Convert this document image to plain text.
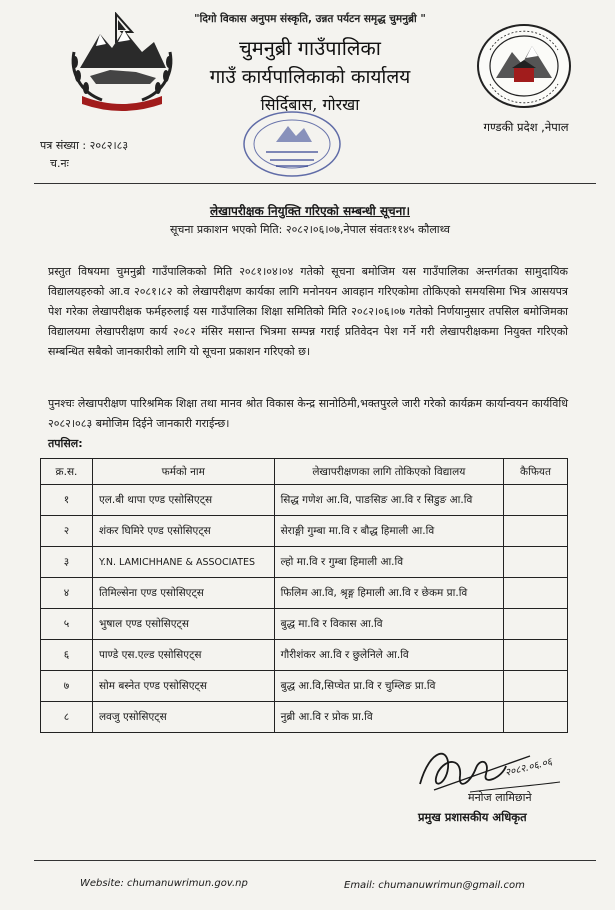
"दिगो विकास अनुपम संस्कृति, उन्नत पर्यटन समृद्ध चुमनुब्री "
चुमनुब्री गाउँपालिका
गाउँ कार्यपालिकाको कार्यालय
सिर्दिबास, गोरखा
गण्डकी प्रदेश ,नेपाल
पत्र संख्या : २०८२।८३
च.नः
लेखापरीक्षक नियुक्ति गरिएको सम्बन्धी सूचना।
सूचना प्रकाशन भएको मिति: २०८२।०६।०७,नेपाल संवतः११४५ कौलाथ्व

प्रस्तुत विषयमा चुमनुब्री गाउँपालिकको मिति २०८१।०४।०४ गतेको सूचना बमोजिम यस गाउँपालिका अन्तर्गतका सामुदायिक विद्यालयहरुको आ.व २०८१।८२ को लेखापरीक्षण कार्यका लागि मनोनयन आवहान गरिएकोमा तोकिएको समयसिमा भित्र आसयपत्र पेश गरेका लेखापरीक्षक फर्महरुलाई यस गाउँपालिका शिक्षा समितिको मिति २०८२।०६।०७ गतेको निर्णयानुसार तपसिल बमोजिमका विद्यालयमा लेखापरीक्षण कार्य २०८२ मंसिर मसान्त भित्रमा सम्पन्न गराई प्रतिवेदन पेश गर्ने गरी लेखापरीक्षकमा नियुक्त गरिएको सम्बन्धित सबैको जानकारीको लागि यो सूचना प्रकाशन गरिएको छ।

पुनश्चः लेखापरीक्षण पारिश्रमिक शिक्षा तथा मानव श्रोत विकास केन्द्र सानोठिमी,भक्तपुरले जारी गरेको कार्यक्रम कार्यान्वयन कार्यविधि २०८२।०८३ बमोजिम दिईने जानकारी गराईन्छ।

तपसिल:
क्र.स.	फर्मको नाम	लेखापरीक्षणका लागि तोकिएको विद्यालय	कैफियत
१	एल.बी थापा एण्ड एसोसिएट्स	सिद्ध गणेश आ.वि, पाङसिङ आ.वि र सिडुङ आ.वि	
२	शंकर घिमिरे एण्ड एसोसिएट्स	सेराङ्गी गुम्बा मा.वि र बौद्ध हिमाली आ.वि	
३	Y.N. LAMICHHANE & ASSOCIATES	ल्हो मा.वि र गुम्बा हिमाली आ.वि	
४	तिमिल्सेना एण्ड एसोसिएट्स	फिलिम आ.वि, श्रृङ्ग हिमाली आ.वि र छेकम प्रा.वि	
५	भुषाल एण्ड एसोसिएट्स	बुद्ध मा.वि र विकास आ.वि	
६	पाण्डे एस.एल्ड एसोसिएट्स	गौरीशंकर आ.वि र छुलेनिले आ.वि	
७	सोम बस्नेत एण्ड एसोसिएट्स	बुद्ध आ.वि,सिप्चेत प्रा.वि र चुम्लिङ प्रा.वि	
८	लवजु एसोसिएट्स	नुब्री आ.वि र प्रोक प्रा.वि	
२०८२.०६.०६
मनोज लामिछाने
प्रमुख प्रशासकीय अधिकृत
Website: chumanuwrimun.gov.np	Email: chumanuwrimun@gmail.com
